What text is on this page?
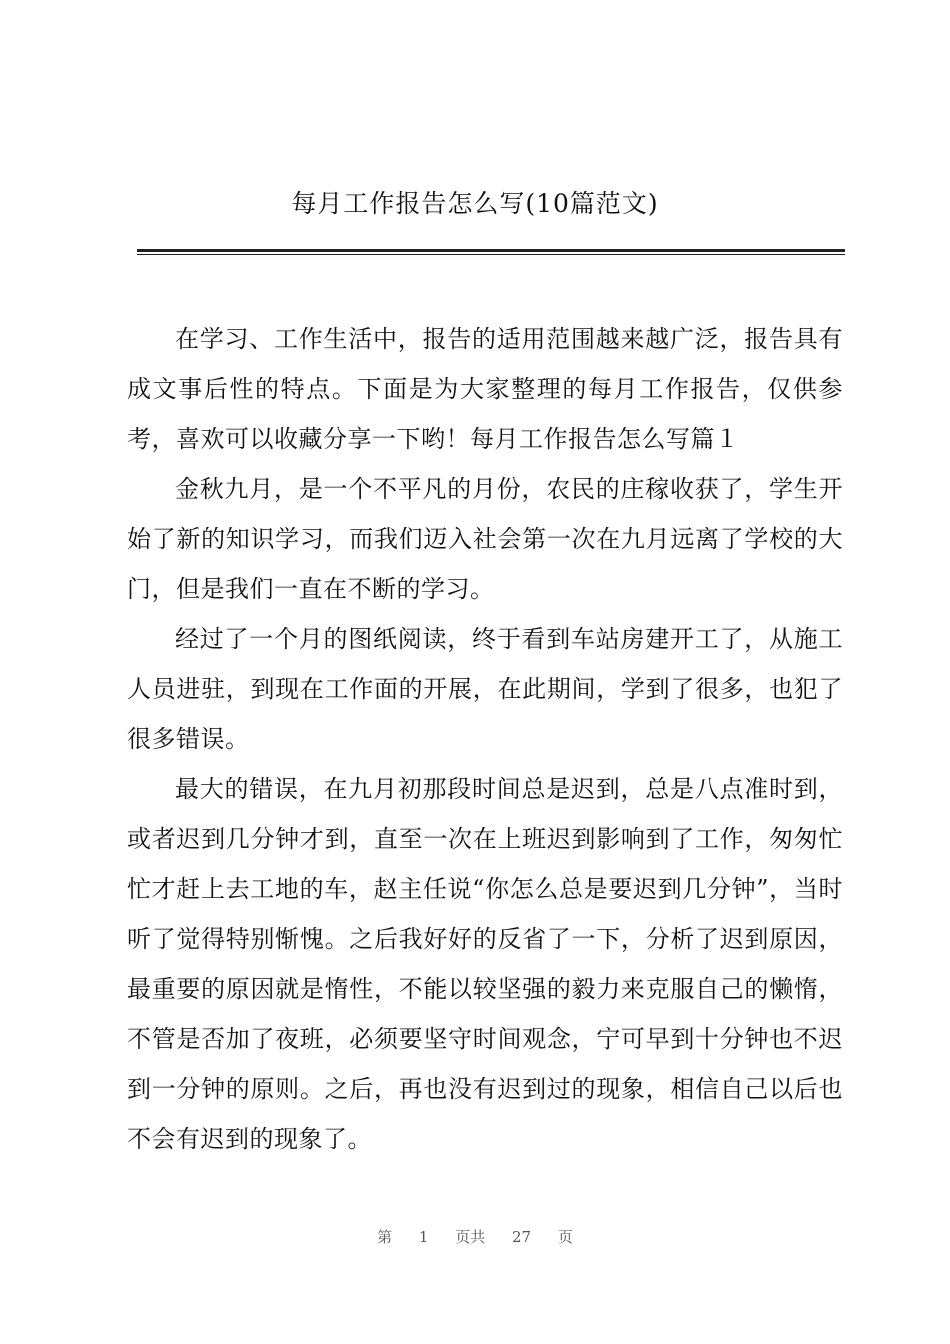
每月工作报告怎么写(10篇范文)

在学习、工作生活中，报告的适用范围越来越广泛，报告具有成文事后性的特点。下面是为大家整理的每月工作报告，仅供参考，喜欢可以收藏分享一下哟！每月工作报告怎么写篇１

金秋九月，是一个不平凡的月份，农民的庄稼收获了，学生开始了新的知识学习，而我们迈入社会第一次在九月远离了学校的大门，但是我们一直在不断的学习。

经过了一个月的图纸阅读，终于看到车站房建开工了，从施工人员进驻，到现在工作面的开展，在此期间，学到了很多，也犯了很多错误。

最大的错误，在九月初那段时间总是迟到，总是八点准时到，或者迟到几分钟才到，直至一次在上班迟到影响到了工作，匆匆忙忙才赶上去工地的车，赵主任说“你怎么总是要迟到几分钟”，当时听了觉得特别惭愧。之后我好好的反省了一下，分析了迟到原因，最重要的原因就是惰性，不能以较坚强的毅力来克服自己的懒惰，不管是否加了夜班，必须要坚守时间观念，宁可早到十分钟也不迟到一分钟的原则。之后，再也没有迟到过的现象，相信自己以后也不会有迟到的现象了。

第 1 页共 27 页
